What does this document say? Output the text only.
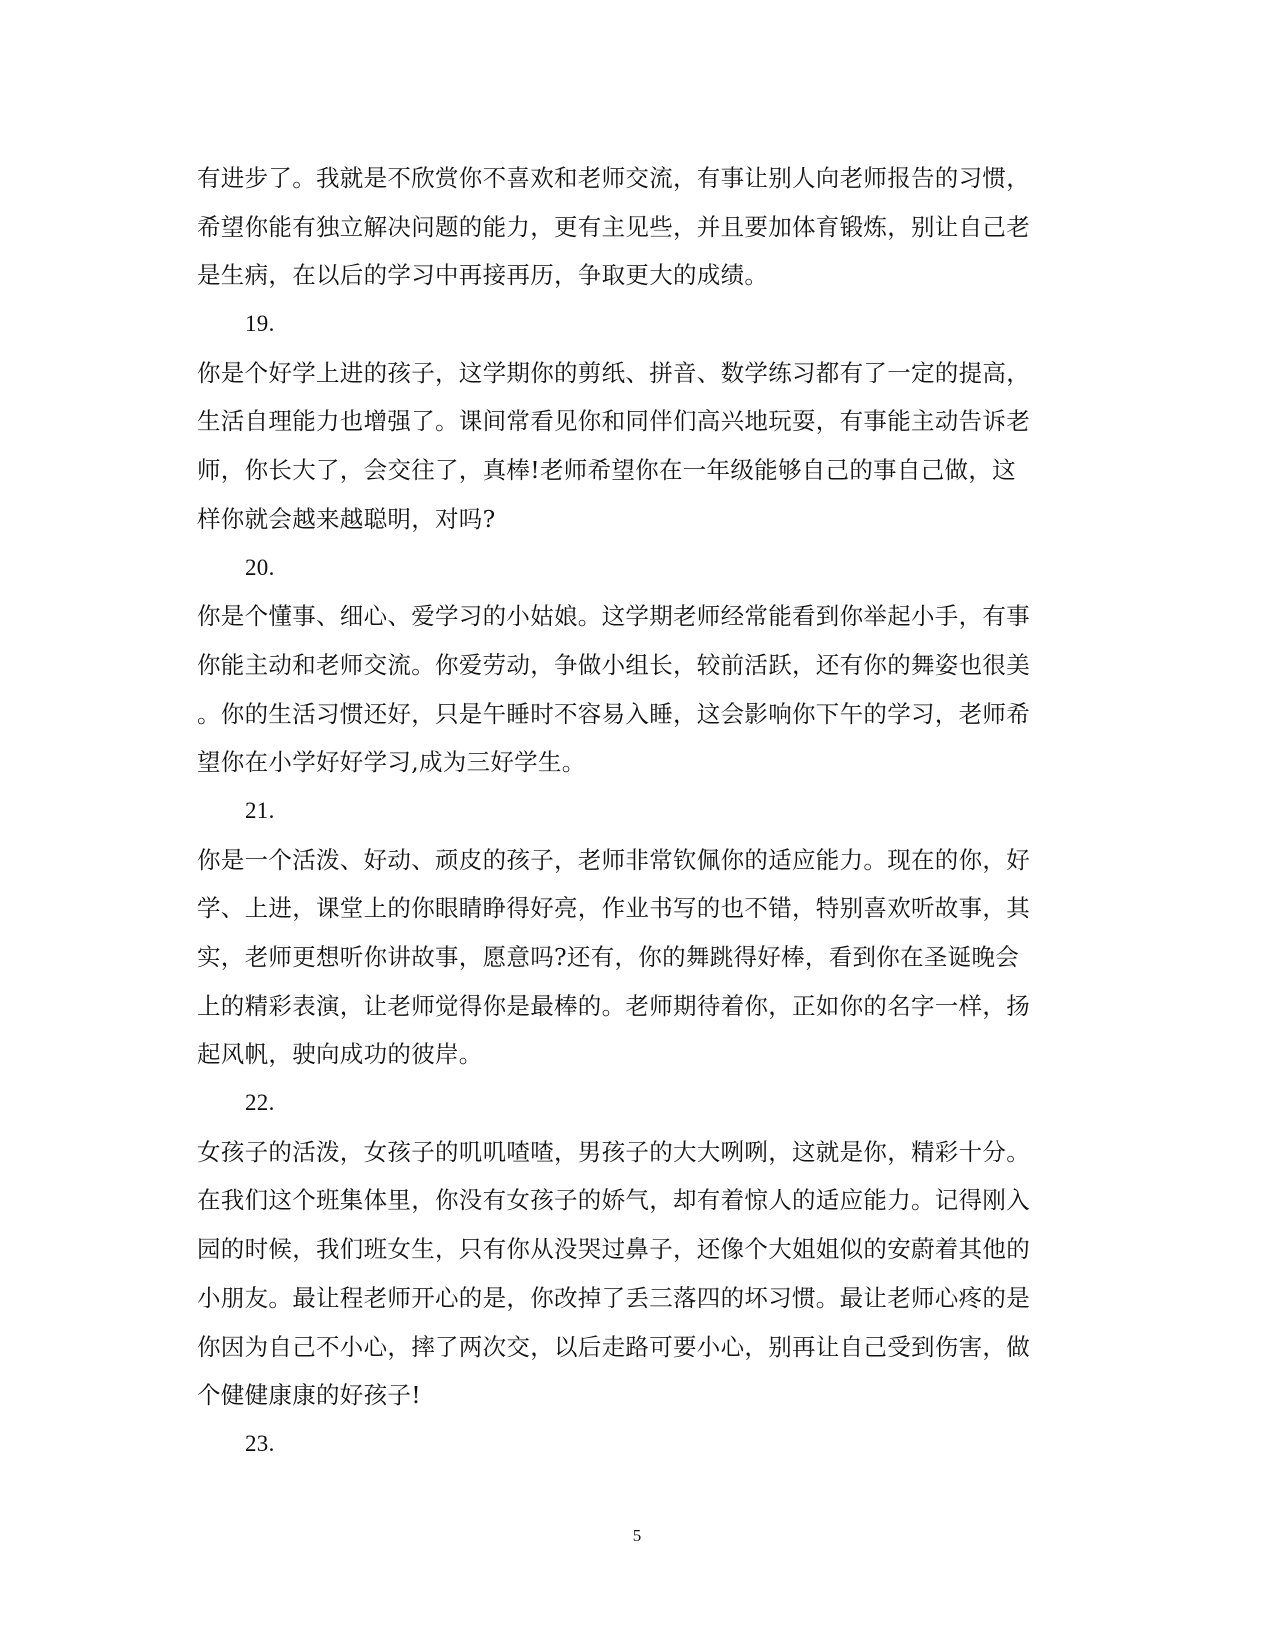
有进步了。我就是不欣赏你不喜欢和老师交流，有事让别人向老师报告的习惯，
希望你能有独立解决问题的能力，更有主见些，并且要加体育锻炼，别让自己老
是生病，在以后的学习中再接再历，争取更大的成绩。
19.
你是个好学上进的孩子，这学期你的剪纸、拼音、数学练习都有了一定的提高，
生活自理能力也增强了。课间常看见你和同伴们高兴地玩耍，有事能主动告诉老
师，你长大了，会交往了，真棒!老师希望你在一年级能够自己的事自己做，这
样你就会越来越聪明，对吗?
20.
你是个懂事、细心、爱学习的小姑娘。这学期老师经常能看到你举起小手，有事
你能主动和老师交流。你爱劳动，争做小组长，较前活跃，还有你的舞姿也很美
。你的生活习惯还好，只是午睡时不容易入睡，这会影响你下午的学习，老师希
望你在小学好好学习,成为三好学生。
21.
你是一个活泼、好动、顽皮的孩子，老师非常钦佩你的适应能力。现在的你，好
学、上进，课堂上的你眼睛睁得好亮，作业书写的也不错，特别喜欢听故事，其
实，老师更想听你讲故事，愿意吗?还有，你的舞跳得好棒，看到你在圣诞晚会
上的精彩表演，让老师觉得你是最棒的。老师期待着你，正如你的名字一样，扬
起风帆，驶向成功的彼岸。
22.
女孩子的活泼，女孩子的叽叽喳喳，男孩子的大大咧咧，这就是你，精彩十分。
在我们这个班集体里，你没有女孩子的娇气，却有着惊人的适应能力。记得刚入
园的时候，我们班女生，只有你从没哭过鼻子，还像个大姐姐似的安蔚着其他的
小朋友。最让程老师开心的是，你改掉了丢三落四的坏习惯。最让老师心疼的是
你因为自己不小心，摔了两次交，以后走路可要小心，别再让自己受到伤害，做
个健健康康的好孩子!
23.
5
